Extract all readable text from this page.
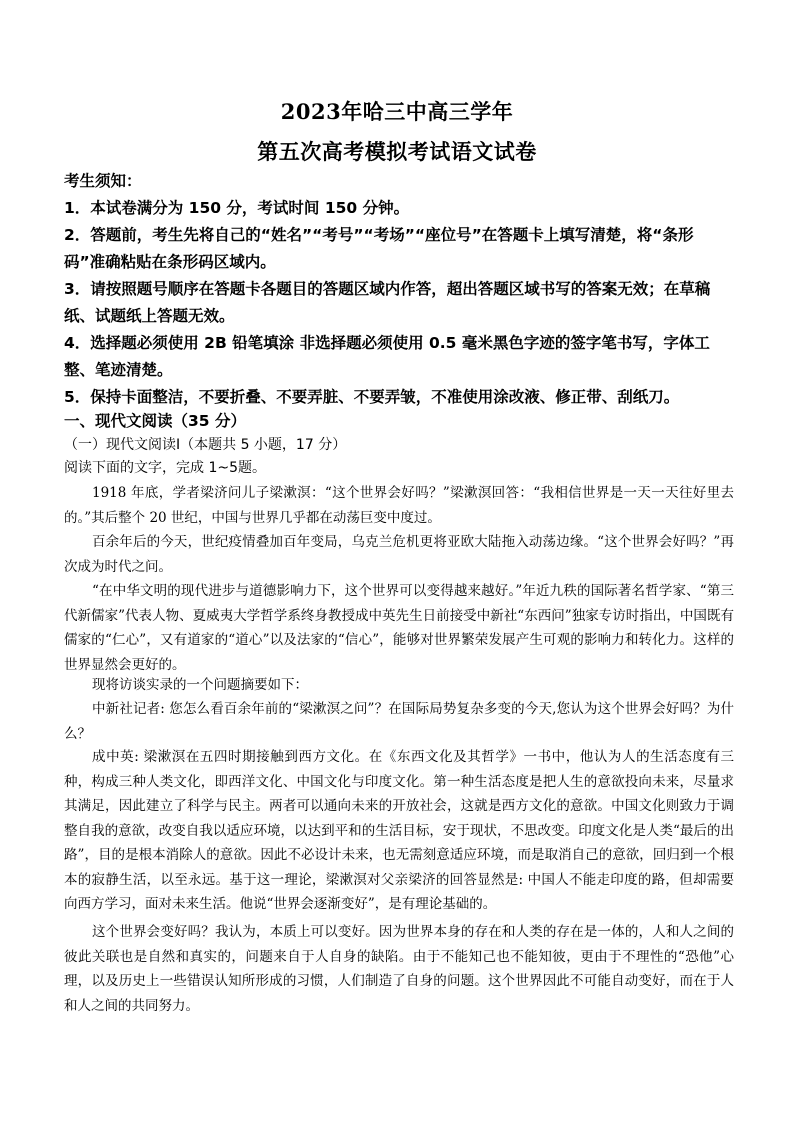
2023年哈三中高三学年
第五次高考模拟考试语文试卷
考生须知：
1．本试卷满分为 150 分，考试时间 150 分钟。
2．答题前，考生先将自己的“姓名”“考号”“考场”“座位号”在答题卡上填写清楚，将“条形码”准确粘贴在条形码区域内。
3．请按照题号顺序在答题卡各题目的答题区域内作答，超出答题区域书写的答案无效；在草稿纸、试题纸上答题无效。
4．选择题必须使用 2B 铅笔填涂 非选择题必须使用 0.5 毫米黑色字迹的签字笔书写，字体工整、笔迹清楚。
5．保持卡面整洁，不要折叠、不要弄脏、不要弄皱，不准使用涂改液、修正带、刮纸刀。
一、现代文阅读（35 分）
（一）现代文阅读Ⅰ（本题共 5 小题，17 分）
阅读下面的文字，完成 1~5题。
1918 年底，学者梁济问儿子梁漱溟：“这个世界会好吗？”梁漱溟回答：“我相信世界是一天一天往好里去的。”其后整个 20 世纪，中国与世界几乎都在动荡巨变中度过。
百余年后的今天，世纪疫情叠加百年变局，乌克兰危机更将亚欧大陆拖入动荡边缘。“这个世界会好吗？”再次成为时代之问。
“在中华文明的现代进步与道德影响力下，这个世界可以变得越来越好。”年近九秩的国际著名哲学家、“第三代新儒家”代表人物、夏威夷大学哲学系终身教授成中英先生日前接受中新社“东西问”独家专访时指出，中国既有儒家的“仁心”，又有道家的“道心”以及法家的“信心”，能够对世界繁荣发展产生可观的影响力和转化力。这样的世界显然会更好的。
现将访谈实录的一个问题摘要如下：
中新社记者: 您怎么看百余年前的“梁漱溟之问”？在国际局势复杂多变的今天,您认为这个世界会好吗？为什么？
成中英: 梁漱溟在五四时期接触到西方文化。在《东西文化及其哲学》一书中，他认为人的生活态度有三种，构成三种人类文化，即西洋文化、中国文化与印度文化。第一种生活态度是把人生的意欲投向未来，尽量求其满足，因此建立了科学与民主。两者可以通向未来的开放社会，这就是西方文化的意欲。中国文化则致力于调整自我的意欲，改变自我以适应环境，以达到平和的生活目标，安于现状，不思改变。印度文化是人类“最后的出路”，目的是根本消除人的意欲。因此不必设计未来，也无需刻意适应环境，而是取消自己的意欲，回归到一个根本的寂静生活，以至永远。基于这一理论，梁漱溟对父亲梁济的回答显然是: 中国人不能走印度的路，但却需要向西方学习，面对未来生活。他说“世界会逐渐变好”，是有理论基础的。
这个世界会变好吗？我认为，本质上可以变好。因为世界本身的存在和人类的存在是一体的，人和人之间的彼此关联也是自然和真实的，问题来自于人自身的缺陷。由于不能知己也不能知彼，更由于不理性的“恐他”心理，以及历史上一些错误认知所形成的习惯，人们制造了自身的问题。这个世界因此不可能自动变好，而在于人和人之间的共同努力。
